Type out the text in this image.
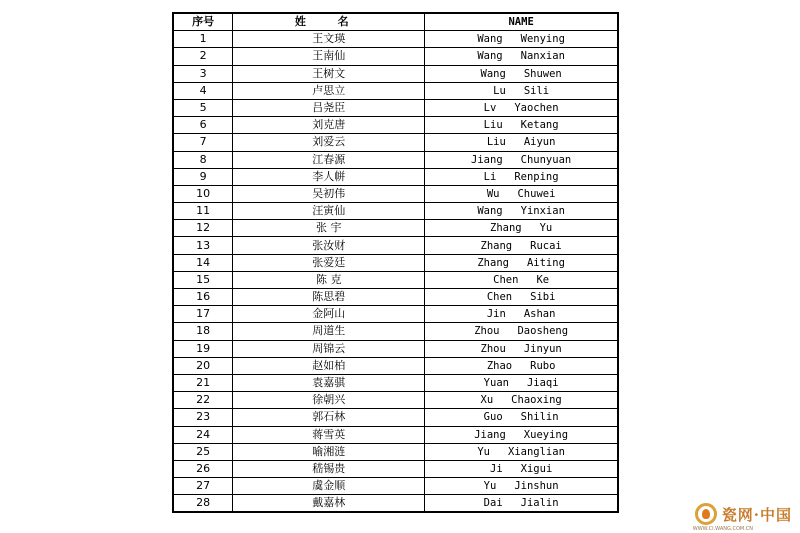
序号	姓 名	NAME
1	王文瑛	Wang Wenying
2	王南仙	Wang Nanxian
3	王树文	Wang Shuwen
4	卢思立	Lu Sili
5	吕尧臣	Lv Yaochen
6	刘克唐	Liu Ketang
7	刘爱云	Liu Aiyun
8	江春源	Jiang Chunyuan
9	李人帡	Li Renping
10	吴初伟	Wu Chuwei
11	汪寅仙	Wang Yinxian
12	张 宇	Zhang Yu
13	张汝财	Zhang Rucai
14	张爱廷	Zhang Aiting
15	陈 克	Chen Ke
16	陈思碧	Chen Sibi
17	金阿山	Jin Ashan
18	周道生	Zhou Daosheng
19	周锦云	Zhou Jinyun
20	赵如柏	Zhao Rubo
21	袁嘉骐	Yuan Jiaqi
22	徐朝兴	Xu Chaoxing
23	郭石林	Guo Shilin
24	蒋雪英	Jiang Xueying
25	喻湘涟	Yu Xianglian
26	嵇锡贵	Ji Xigui
27	虞金顺	Yu Jinshun
28	戴嘉林	Dai Jialin
瓷网·中国
WWW.CI.WANG.COM.CN
